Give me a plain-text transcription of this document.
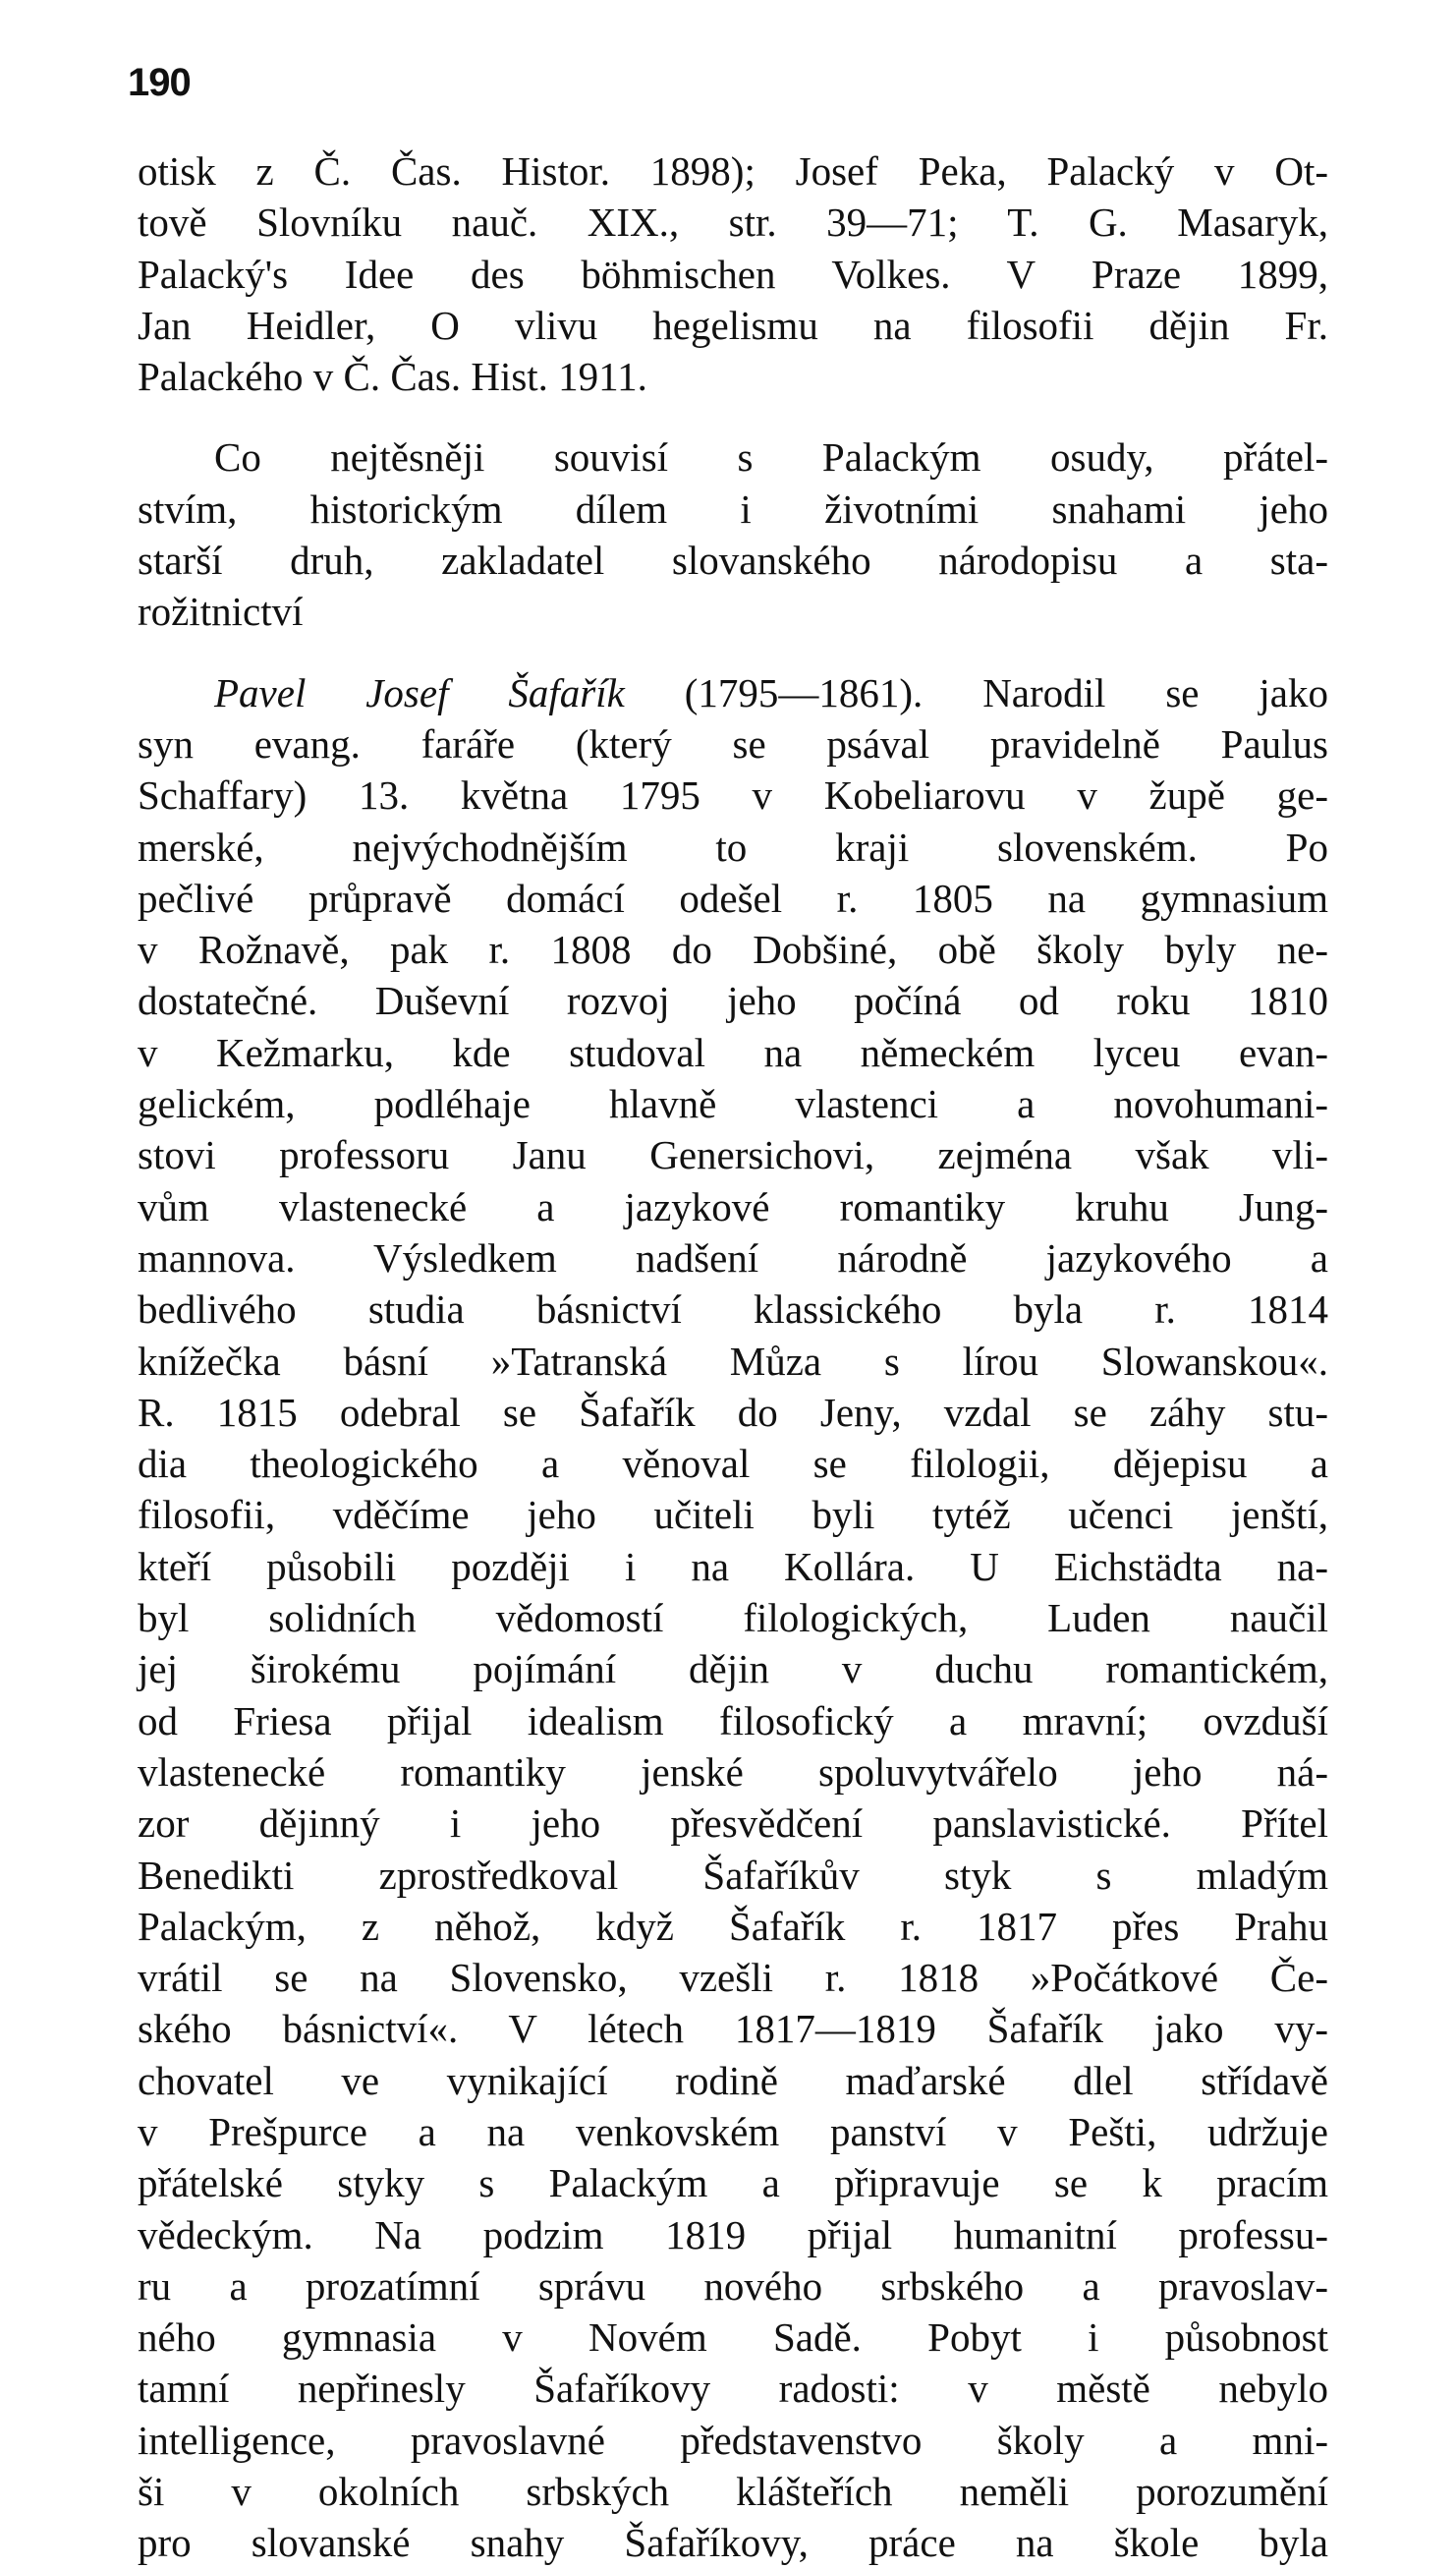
190
otisk z Č. Čas. Histor. 1898); Josef Peka, Palacký v Ot-
tově Slovníku nauč. XIX., str. 39—71; T. G. Masaryk,
Palacký's Idee des böhmischen Volkes. V Praze 1899,
Jan Heidler, O vlivu hegelismu na filosofii dějin Fr.
Palackého v Č. Čas. Hist. 1911.
Co nejtěsněji souvisí s Palackým osudy, přátel-
stvím, historickým dílem i životními snahami jeho
starší druh, zakladatel slovanského národopisu a sta-
rožitnictví
Pavel Josef Šafařík (1795—1861). Narodil se jako
syn evang. faráře (který se psával pravidelně Paulus
Schaffary) 13. května 1795 v Kobeliarovu v župě ge-
merské, nejvýchodnějším to kraji slovenském. Po
pečlivé průpravě domácí odešel r. 1805 na gymnasium
v Rožnavě, pak r. 1808 do Dobšiné, obě školy byly ne-
dostatečné. Duševní rozvoj jeho počíná od roku 1810
v Kežmarku, kde studoval na německém lyceu evan-
gelickém, podléhaje hlavně vlastenci a novohumani-
stovi professoru Janu Genersichovi, zejména však vli-
vům vlastenecké a jazykové romantiky kruhu Jung-
mannova. Výsledkem nadšení národně jazykového a
bedlivého studia básnictví klassického byla r. 1814
knížečka básní »Tatranská Můza s lírou Slowanskou«.
R. 1815 odebral se Šafařík do Jeny, vzdal se záhy stu-
dia theologického a věnoval se filologii, dějepisu a
filosofii, vděčíme jeho učiteli byli tytéž učenci jenští,
kteří působili později i na Kollára. U Eichstädta na-
byl solidních vědomostí filologických, Luden naučil
jej širokému pojímání dějin v duchu romantickém,
od Friesa přijal idealism filosofický a mravní; ovzduší
vlastenecké romantiky jenské spoluvytvářelo jeho ná-
zor dějinný i jeho přesvědčení panslavistické. Přítel
Benedikti zprostředkoval Šafaříkův styk s mladým
Palackým, z něhož, když Šafařík r. 1817 přes Prahu
vrátil se na Slovensko, vzešli r. 1818 »Počátkové Če-
ského básnictví«. V létech 1817—1819 Šafařík jako vy-
chovatel ve vynikající rodině maďarské dlel střídavě
v Prešpurce a na venkovském panství v Pešti, udržuje
přátelské styky s Palackým a připravuje se k pracím
vědeckým. Na podzim 1819 přijal humanitní professu-
ru a prozatímní správu nového srbského a pravoslav-
ného gymnasia v Novém Sadě. Pobyt i působnost
tamní nepřinesly Šafaříkovy radosti: v městě nebylo
intelligence, pravoslavné představenstvo školy a mni-
ši v okolních srbských klášteřích neměli porozumění
pro slovanské snahy Šafaříkovy, práce na škole byla
